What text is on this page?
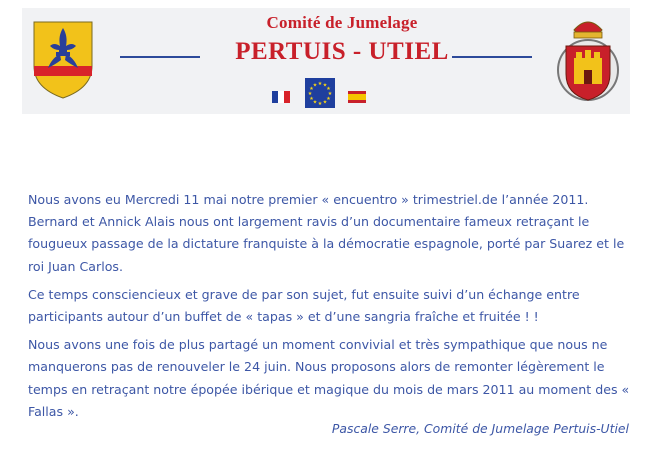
Comité de Jumelage
PERTUIS - UTIEL
★ ★
★
★
★
★
★
★
★
★
★
★

Nous avons eu Mercredi 11 mai notre premier « encuentro » trimestriel.de l’année 2011. Bernard et Annick Alais nous ont largement ravis d’un documentaire fameux retraçant le fougueux passage de la dictature franquiste à la démocratie espagnole, porté par Suarez et le roi Juan Carlos.

Ce temps consciencieux et grave de par son sujet, fut ensuite suivi d’un échange entre participants autour d’un buffet de « tapas » et d’une sangria fraîche et fruitée ! !

Nous avons une fois de plus partagé un moment convivial et très sympathique que nous ne manquerons pas de renouveler le 24 juin. Nous proposons alors de remonter légèrement le temps en retraçant notre épopée ibérique et magique du mois de mars 2011 au moment des « Fallas ».

Pascale Serre, Comité de Jumelage Pertuis-Utiel
